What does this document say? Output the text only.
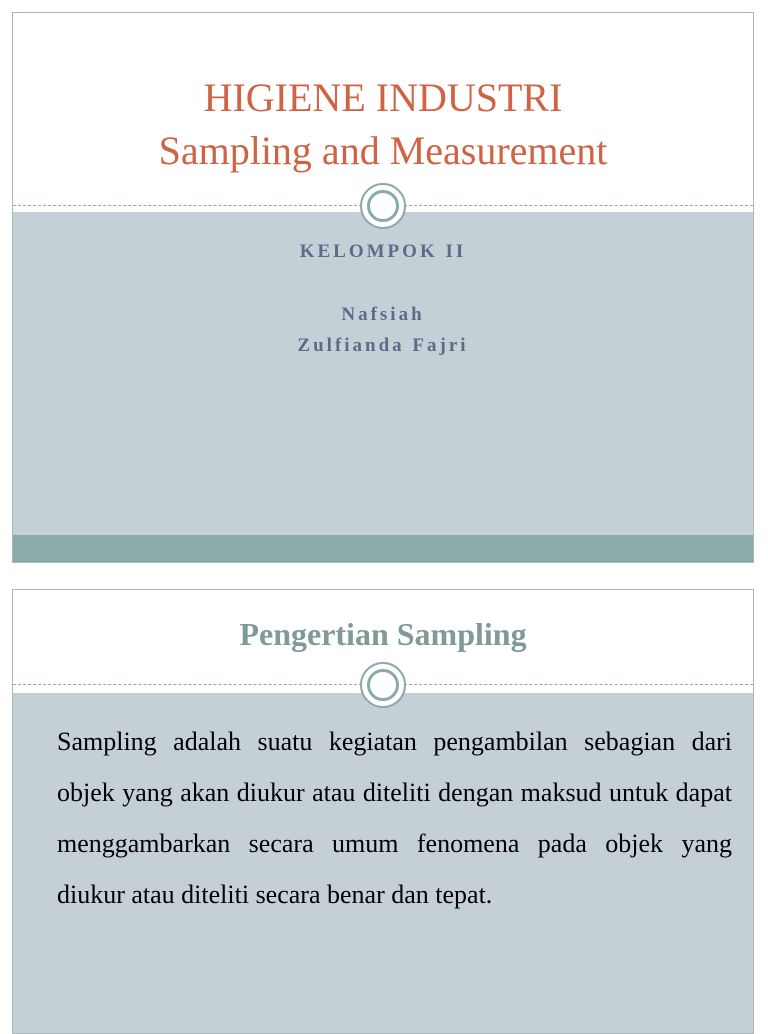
HIGIENE INDUSTRI
Sampling and Measurement
KELOMPOK II
Nafsiah
Zulfianda Fajri
Pengertian Sampling

Sampling adalah suatu kegiatan pengambilan sebagian dari objek yang akan diukur atau diteliti dengan maksud untuk dapat menggambarkan secara umum fenomena pada objek yang diukur atau diteliti secara benar dan tepat.
